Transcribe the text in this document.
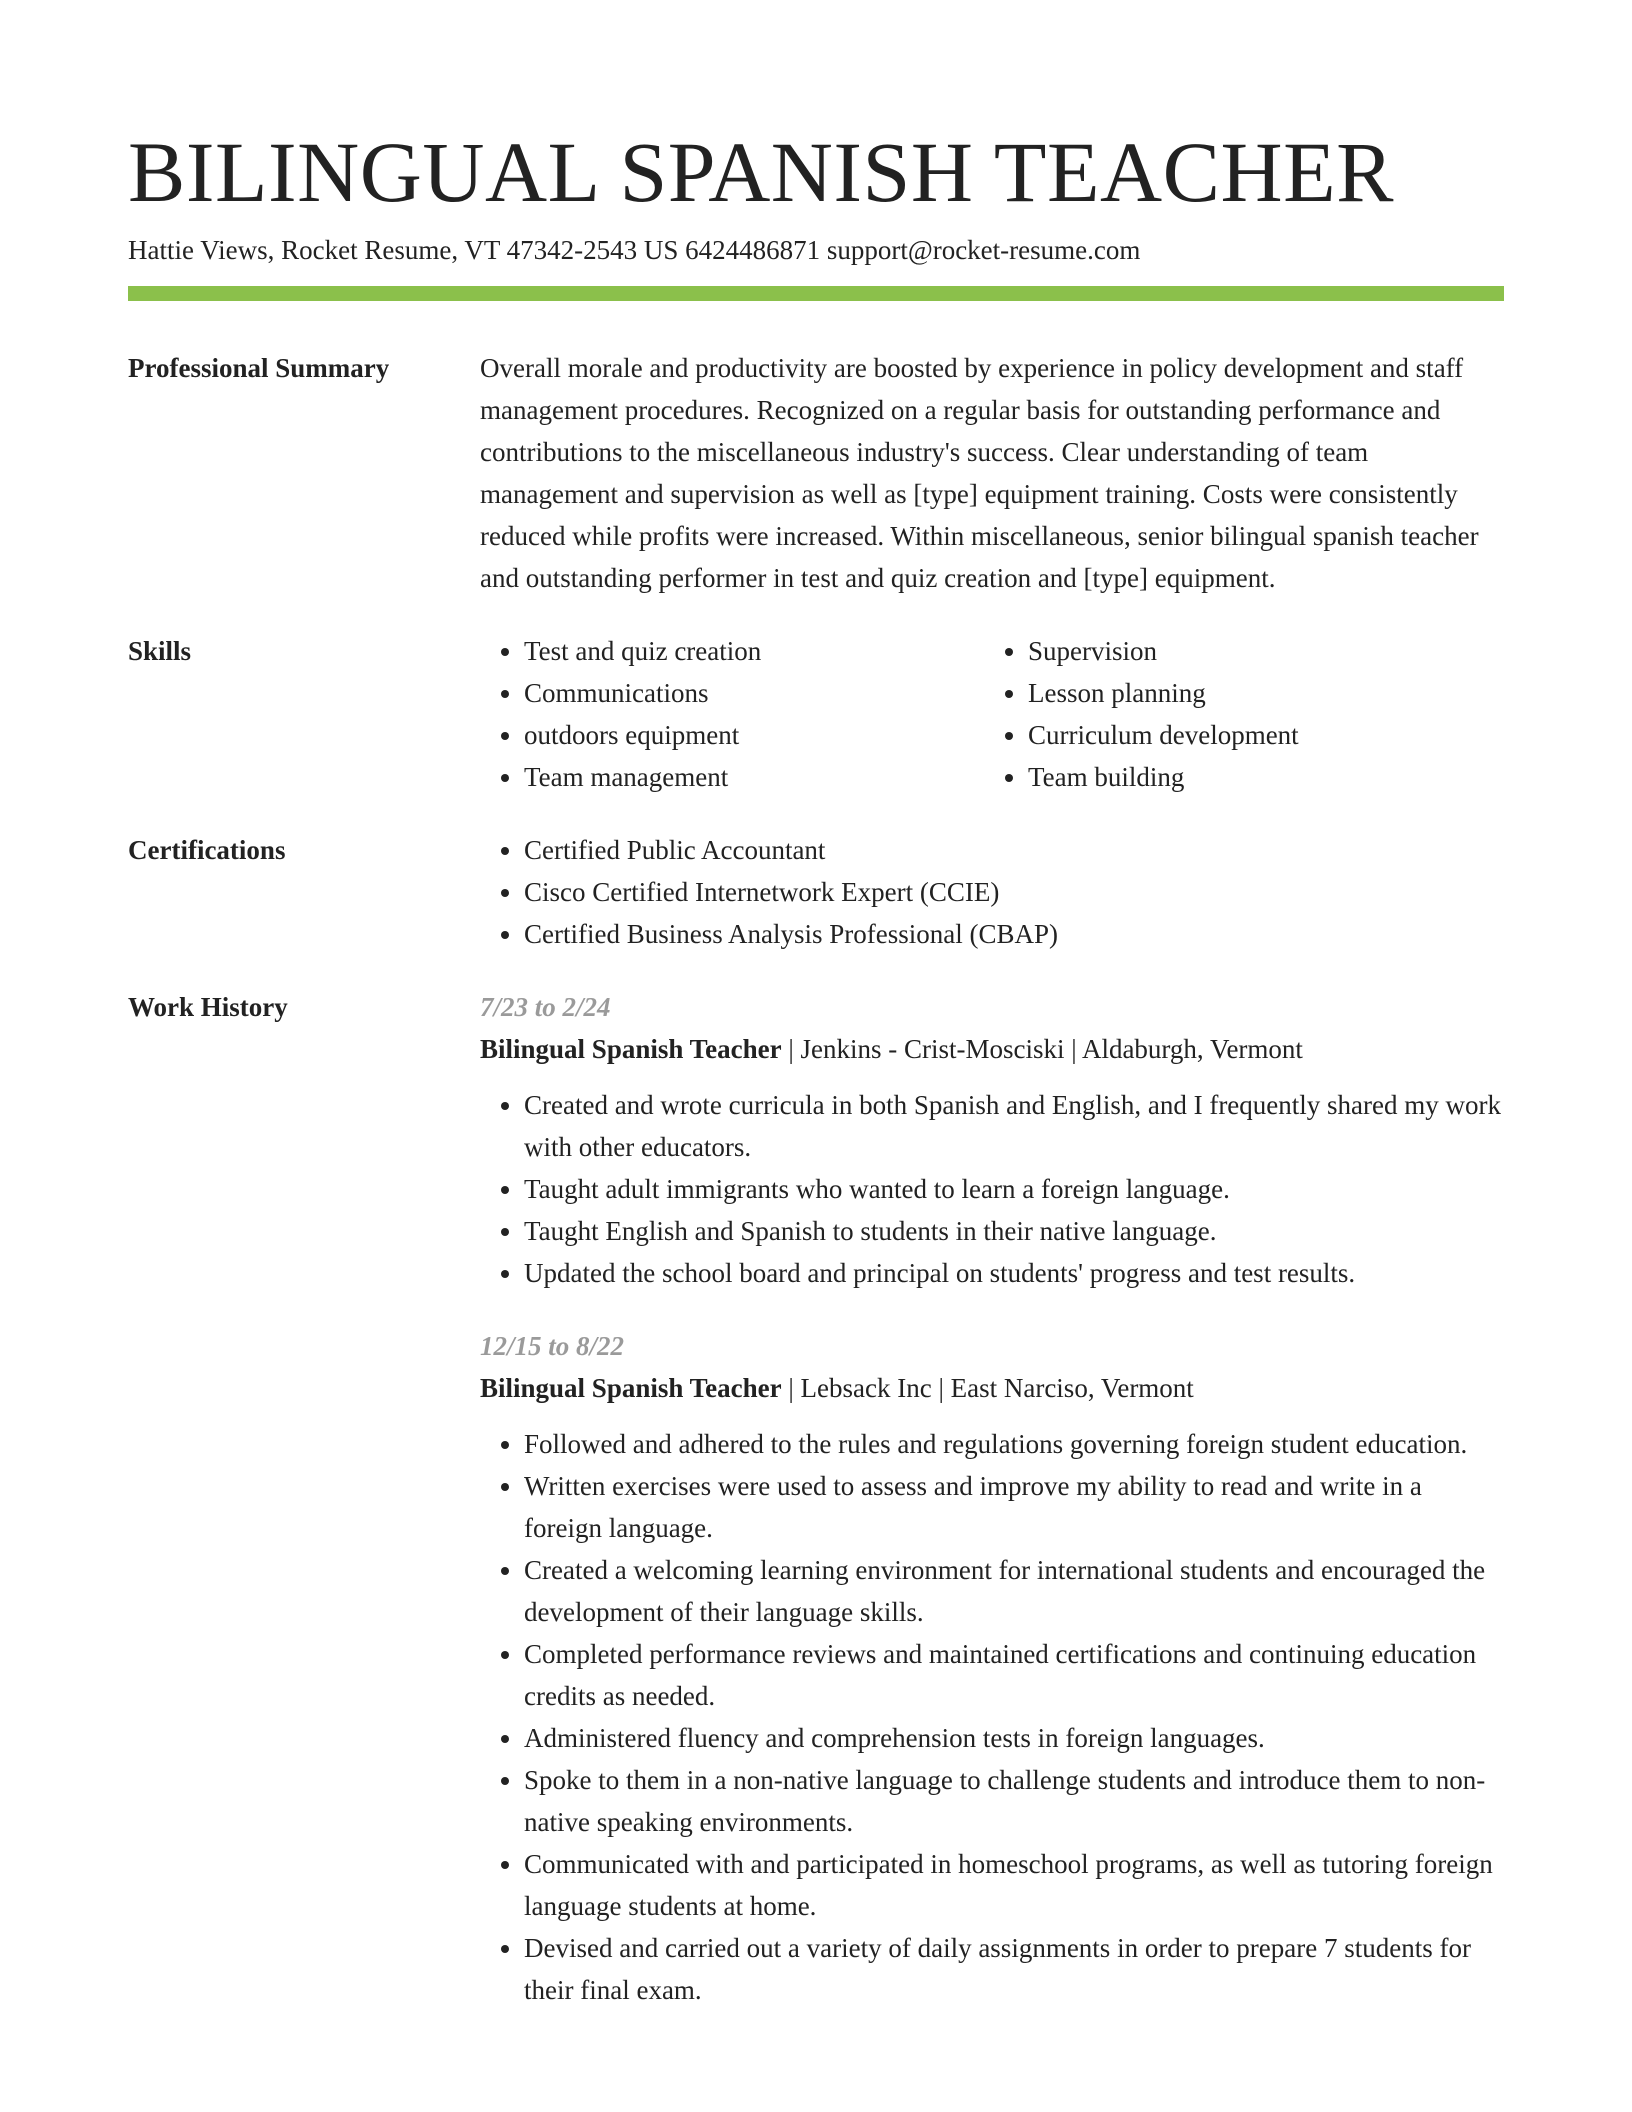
BILINGUAL SPANISH TEACHER
Hattie Views, Rocket Resume, VT 47342-2543 US 6424486871 support@rocket-resume.com
Professional Summary	Overall morale and productivity are boosted by experience in policy development and staff management procedures. Recognized on a regular basis for outstanding performance and contributions to the miscellaneous industry's success. Clear understanding of team management and supervision as well as [type] equipment training. Costs were consistently reduced while profits were increased. Within miscellaneous, senior bilingual spanish teacher and outstanding performer in test and quiz creation and [type] equipment.
Skills	• Test and quiz creation
• Communications
• outdoors equipment
• Team management
• Supervision
• Lesson planning
• Curriculum development
• Team building
Certifications	• Certified Public Accountant
• Cisco Certified Internetwork Expert (CCIE)
• Certified Business Analysis Professional (CBAP)
Work History	7/23 to 2/24
Bilingual Spanish Teacher | Jenkins - Crist-Mosciski | Aldaburgh, Vermont
• Created and wrote curricula in both Spanish and English, and I frequently shared my work with other educators.
• Taught adult immigrants who wanted to learn a foreign language.
• Taught English and Spanish to students in their native language.
• Updated the school board and principal on students' progress and test results.
12/15 to 8/22
Bilingual Spanish Teacher | Lebsack Inc | East Narciso, Vermont
• Followed and adhered to the rules and regulations governing foreign student education.
• Written exercises were used to assess and improve my ability to read and write in a foreign language.
• Created a welcoming learning environment for international students and encouraged the development of their language skills.
• Completed performance reviews and maintained certifications and continuing education credits as needed.
• Administered fluency and comprehension tests in foreign languages.
• Spoke to them in a non-native language to challenge students and introduce them to non-native speaking environments.
• Communicated with and participated in homeschool programs, as well as tutoring foreign language students at home.
• Devised and carried out a variety of daily assignments in order to prepare 7 students for their final exam.
